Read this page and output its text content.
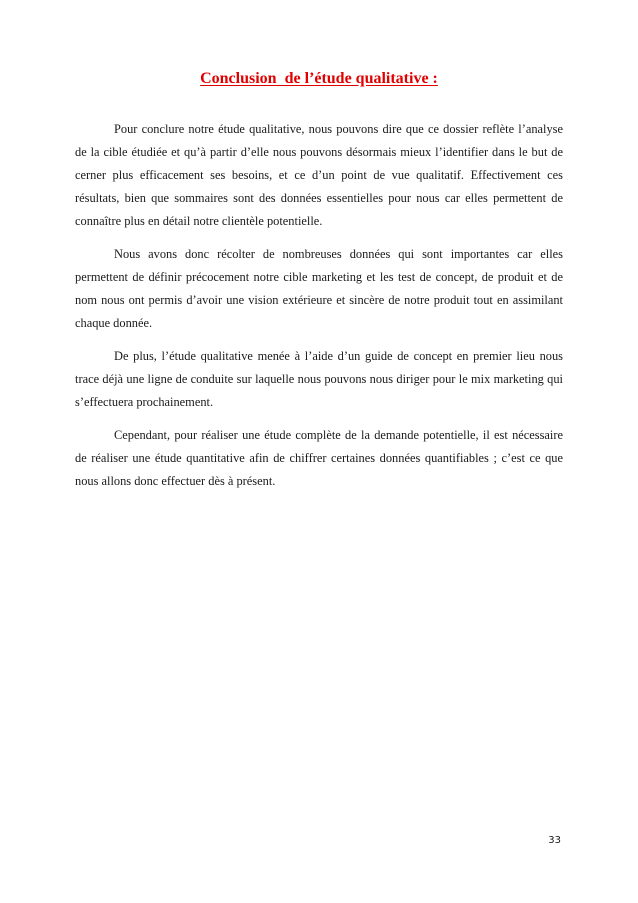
Conclusion  de l’étude qualitative :

Pour conclure notre étude qualitative, nous pouvons dire que ce dossier reflète l’analyse de la cible étudiée et qu’à partir d’elle nous pouvons désormais mieux l’identifier dans le but de cerner plus efficacement ses besoins, et ce d’un point de vue qualitatif. Effectivement ces résultats, bien que sommaires sont des données essentielles pour nous car elles permettent de connaître plus en détail notre clientèle potentielle.

Nous avons donc récolter de nombreuses données qui sont importantes car elles permettent de définir précocement notre cible marketing et les test de concept, de produit et de nom nous ont permis d’avoir une vision extérieure et sincère de notre produit tout en assimilant chaque donnée.

De plus, l’étude qualitative menée à l’aide d’un guide de concept en premier lieu nous trace déjà une ligne de conduite sur laquelle nous pouvons nous diriger pour le mix marketing qui s’effectuera prochainement.

Cependant, pour réaliser une étude complète de la demande potentielle, il est nécessaire de réaliser une étude quantitative afin de chiffrer certaines données quantifiables ; c’est ce que nous allons donc effectuer dès à présent.

33
